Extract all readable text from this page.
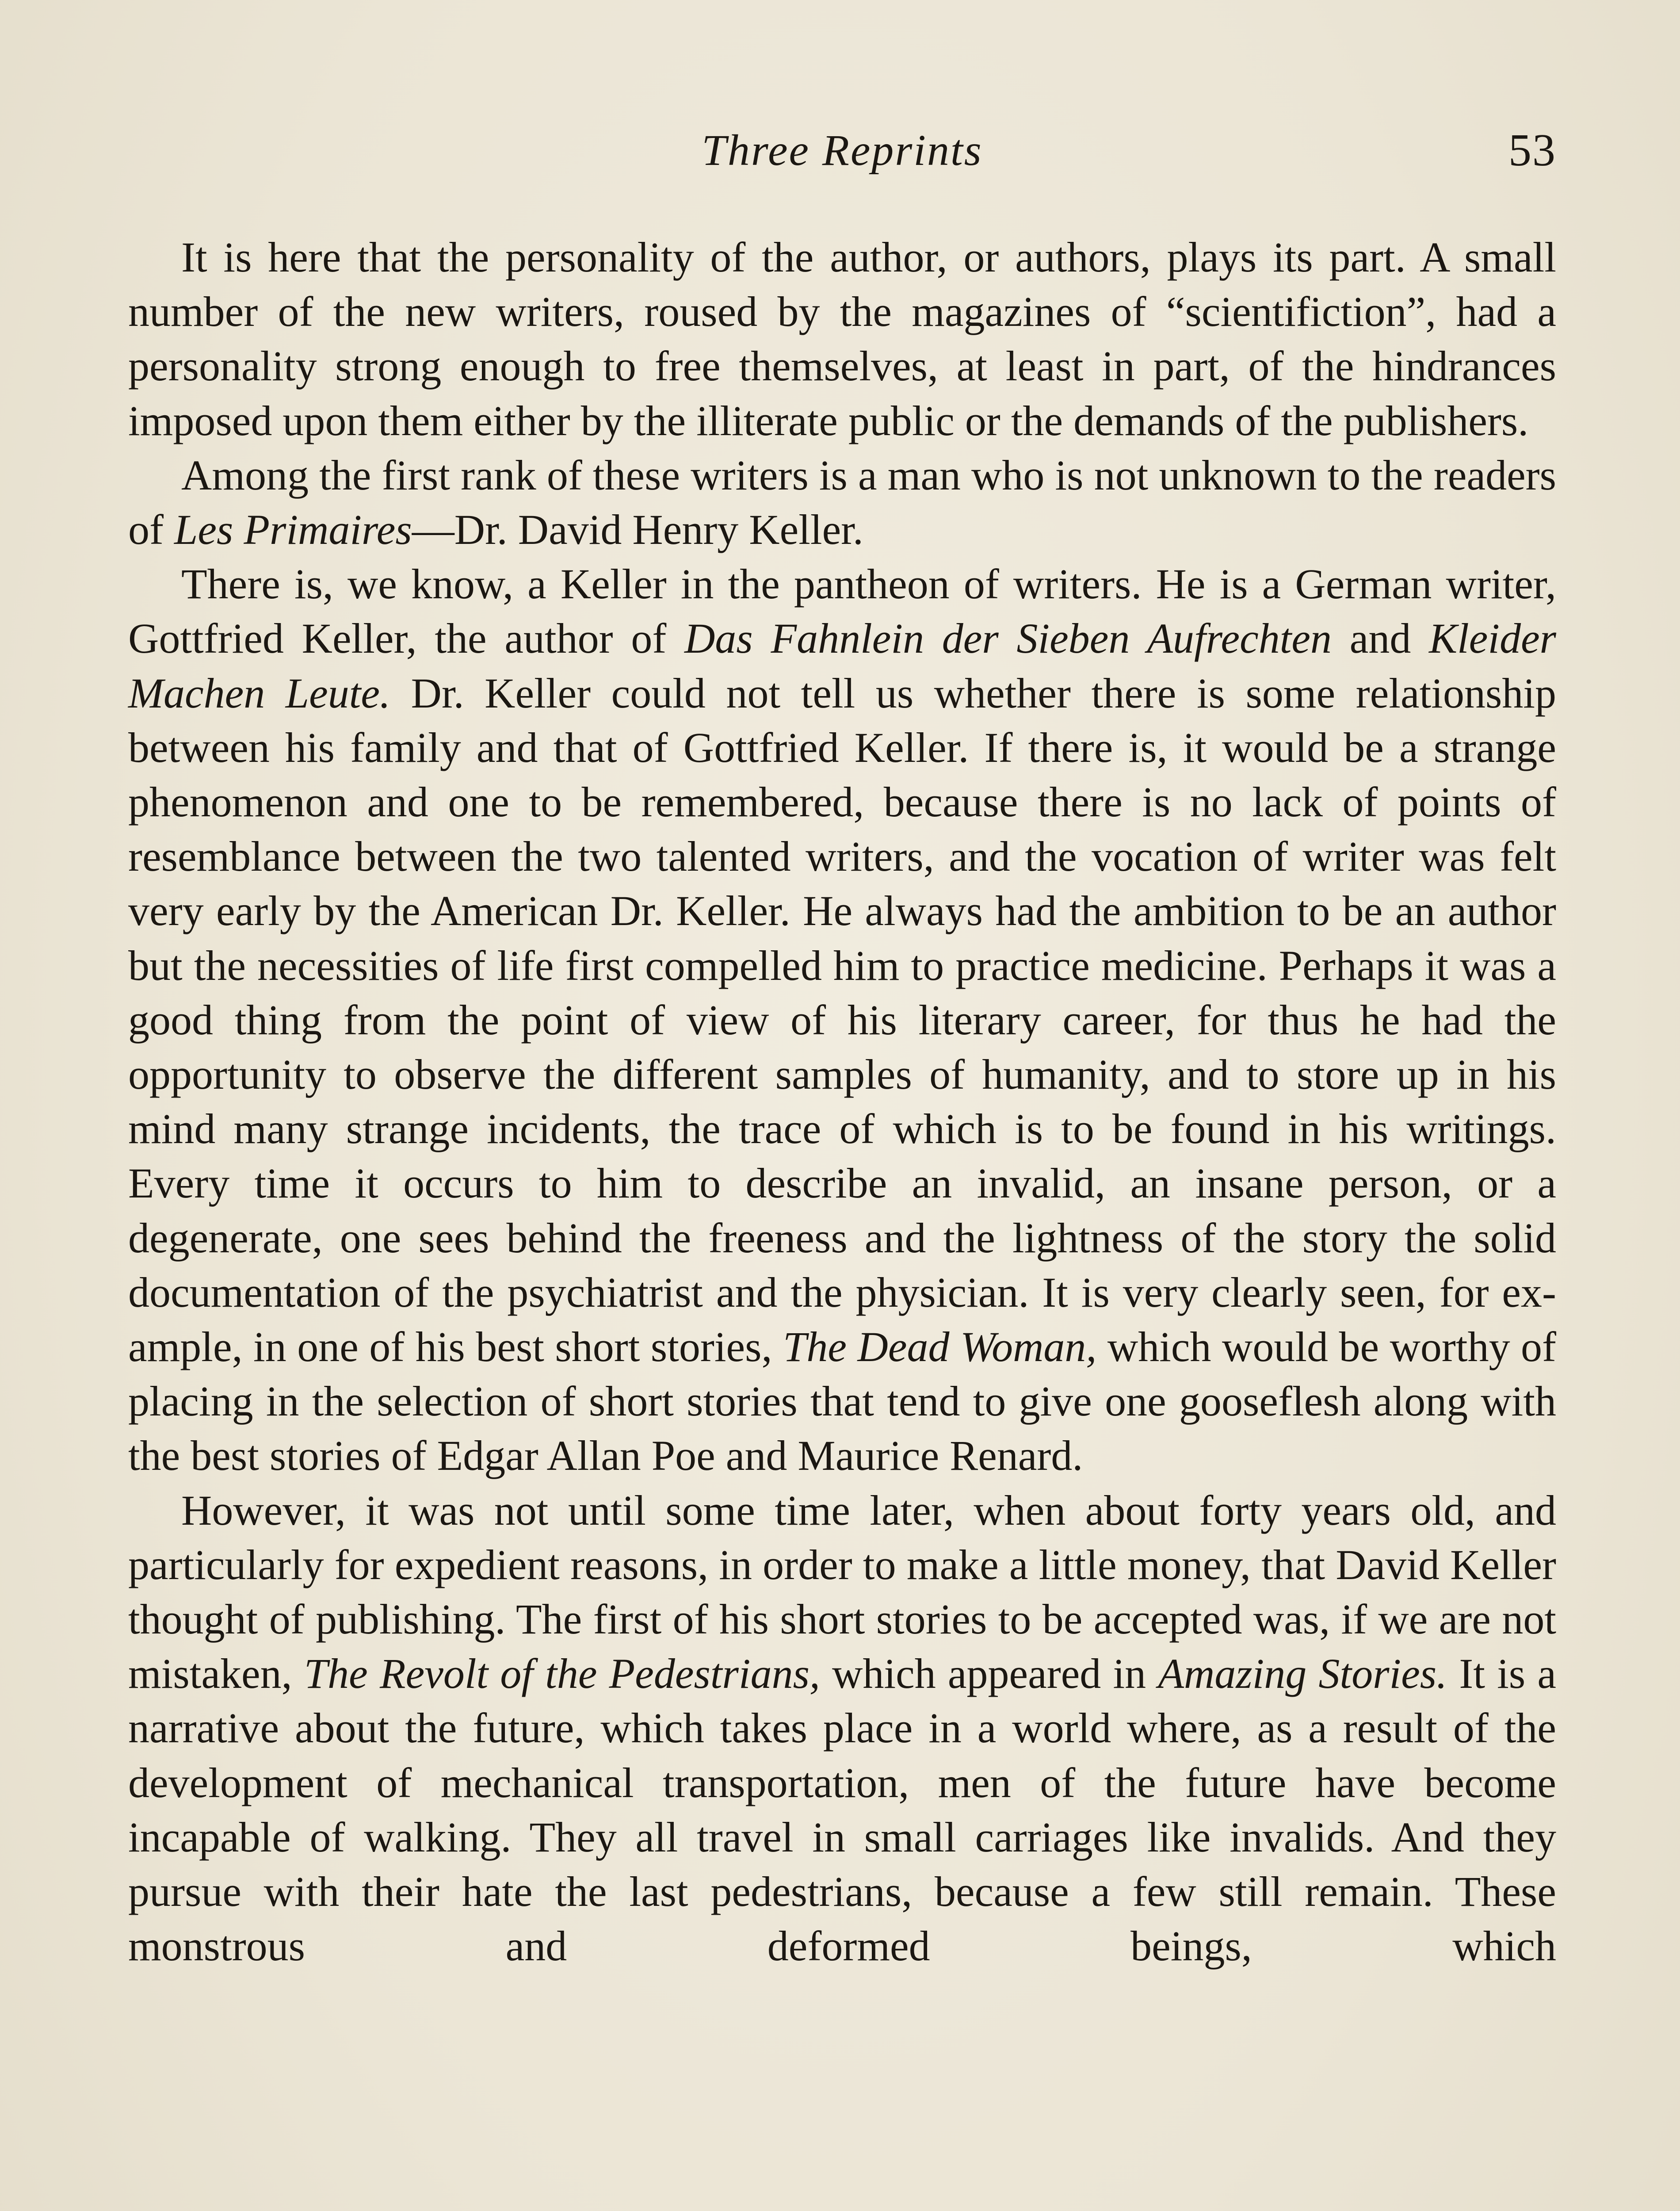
Three Reprints	53

It is here that the personality of the author, or authors, plays its part. A small number of the new writers, roused by the magazines of “scientifiction”, had a personality strong enough to free themselves, at least in part, of the hindrances imposed upon them either by the illiterate public or the demands of the publishers.

Among the first rank of these writers is a man who is not unknown to the readers of Les Primaires—Dr. David Henry Keller.

There is, we know, a Keller in the pantheon of writers. He is a German writer, Gottfried Keller, the author of Das Fahnlein der Sieben Aufrechten and Kleider Machen Leute. Dr. Keller could not tell us whether there is some relationship between his family and that of Gottfried Keller. If there is, it would be a strange phenomenon and one to be remembered, because there is no lack of points of resemblance between the two talented writers, and the vocation of writer was felt very early by the American Dr. Keller. He always had the ambition to be an author but the necessities of life first compelled him to practice medicine. Perhaps it was a good thing from the point of view of his literary career, for thus he had the opportunity to observe the different samples of humanity, and to store up in his mind many strange incidents, the trace of which is to be found in his writings. Every time it occurs to him to describe an invalid, an insane person, or a degenerate, one sees behind the freeness and the lightness of the story the solid documentation of the psychiatrist and the physician. It is very clearly seen, for example, in one of his best short stories, The Dead Woman, which would be worthy of placing in the selection of short stories that tend to give one gooseflesh along with the best stories of Edgar Allan Poe and Maurice Renard.

However, it was not until some time later, when about forty years old, and particularly for expedient reasons, in order to make a little money, that David Keller thought of publishing. The first of his short stories to be accepted was, if we are not mistaken, The Revolt of the Pedestrians, which appeared in Amazing Stories. It is a narrative about the future, which takes place in a world where, as a result of the development of mechanical transportation, men of the future have become incapable of walking. They all travel in small carriages like invalids. And they pursue with their hate the last pedestrians, because a few still remain. These monstrous and deformed beings, which
